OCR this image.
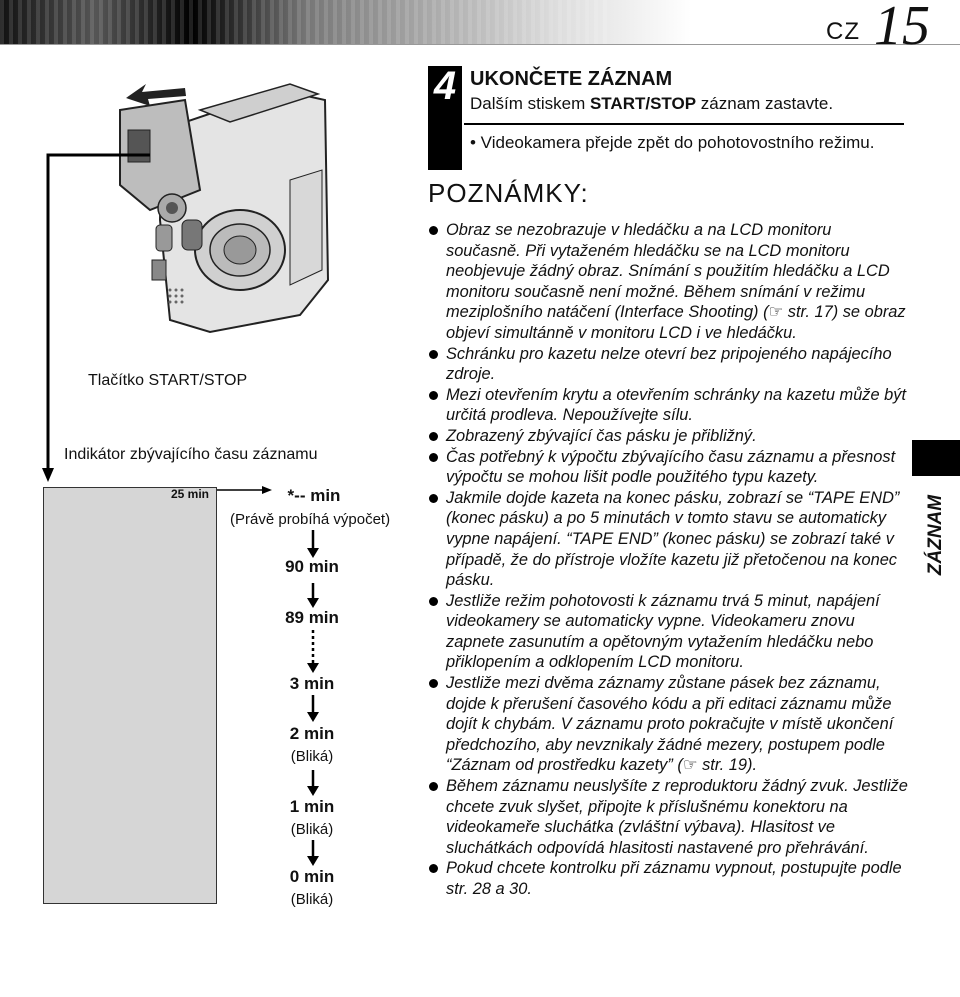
CZ 15
Tlačítko START/STOP
Indikátor zbývajícího času záznamu
25 min	*-- min
(Právě probíhá výpočet)
90 min
89 min
3 min
2 min
(Bliká)
1 min
(Bliká)
0 min
(Bliká)
4 UKONČETE ZÁZNAM
Dalším stiskem START/STOP záznam zastavte.
• Videokamera přejde zpět do pohotovostního režimu.
POZNÁMKY:
Obraz se nezobrazuje v hledáčku a na LCD monitoru současně. Při vytaženém hledáčku se na LCD monitoru neobjevuje žádný obraz. Snímání s použitím hledáčku a LCD monitoru současně není možné. Během snímání v režimu meziplošního natáčení (Interface Shooting) (☞ str. 17) se obraz objeví simultánně v monitoru LCD i ve hledáčku.
Schránku pro kazetu nelze otevrí bez pripojeného napájecího zdroje.
Mezi otevřením krytu a otevřením schránky na kazetu může být určitá prodleva. Nepoužívejte sílu.
Zobrazený zbývající čas pásku je přibližný.
Čas potřebný k výpočtu zbývajícího času záznamu a přesnost výpočtu se mohou lišit podle použitého typu kazety.
Jakmile dojde kazeta na konec pásku, zobrazí se “TAPE END” (konec pásku) a po 5 minutách v tomto stavu se automaticky vypne napájení. “TAPE END” (konec pásku) se zobrazí také v případě, že do přístroje vložíte kazetu již přetočenou na konec pásku.
Jestliže režim pohotovosti k záznamu trvá 5 minut, napájení videokamery se automaticky vypne. Videokameru znovu zapnete zasunutím a opětovným vytažením hledáčku nebo přiklopením a odklopením LCD monitoru.
Jestliže mezi dvěma záznamy zůstane pásek bez záznamu, dojde k přerušení časového kódu a při editaci záznamu může dojít k chybám. V záznamu proto pokračujte v místě ukončení předchozího, aby nevznikaly žádné mezery, postupem podle “Záznam od prostředku kazety” (☞ str. 19).
Během záznamu neuslyšíte z reproduktoru žádný zvuk. Jestliže chcete zvuk slyšet, připojte k příslušnému konektoru na videokameře sluchátka (zvláštní výbava). Hlasitost ve sluchátkách odpovídá hlasitosti nastavené pro přehrávání.
Pokud chcete kontrolku při záznamu vypnout, postupujte podle str. 28 a 30.
ZÁZNAM
